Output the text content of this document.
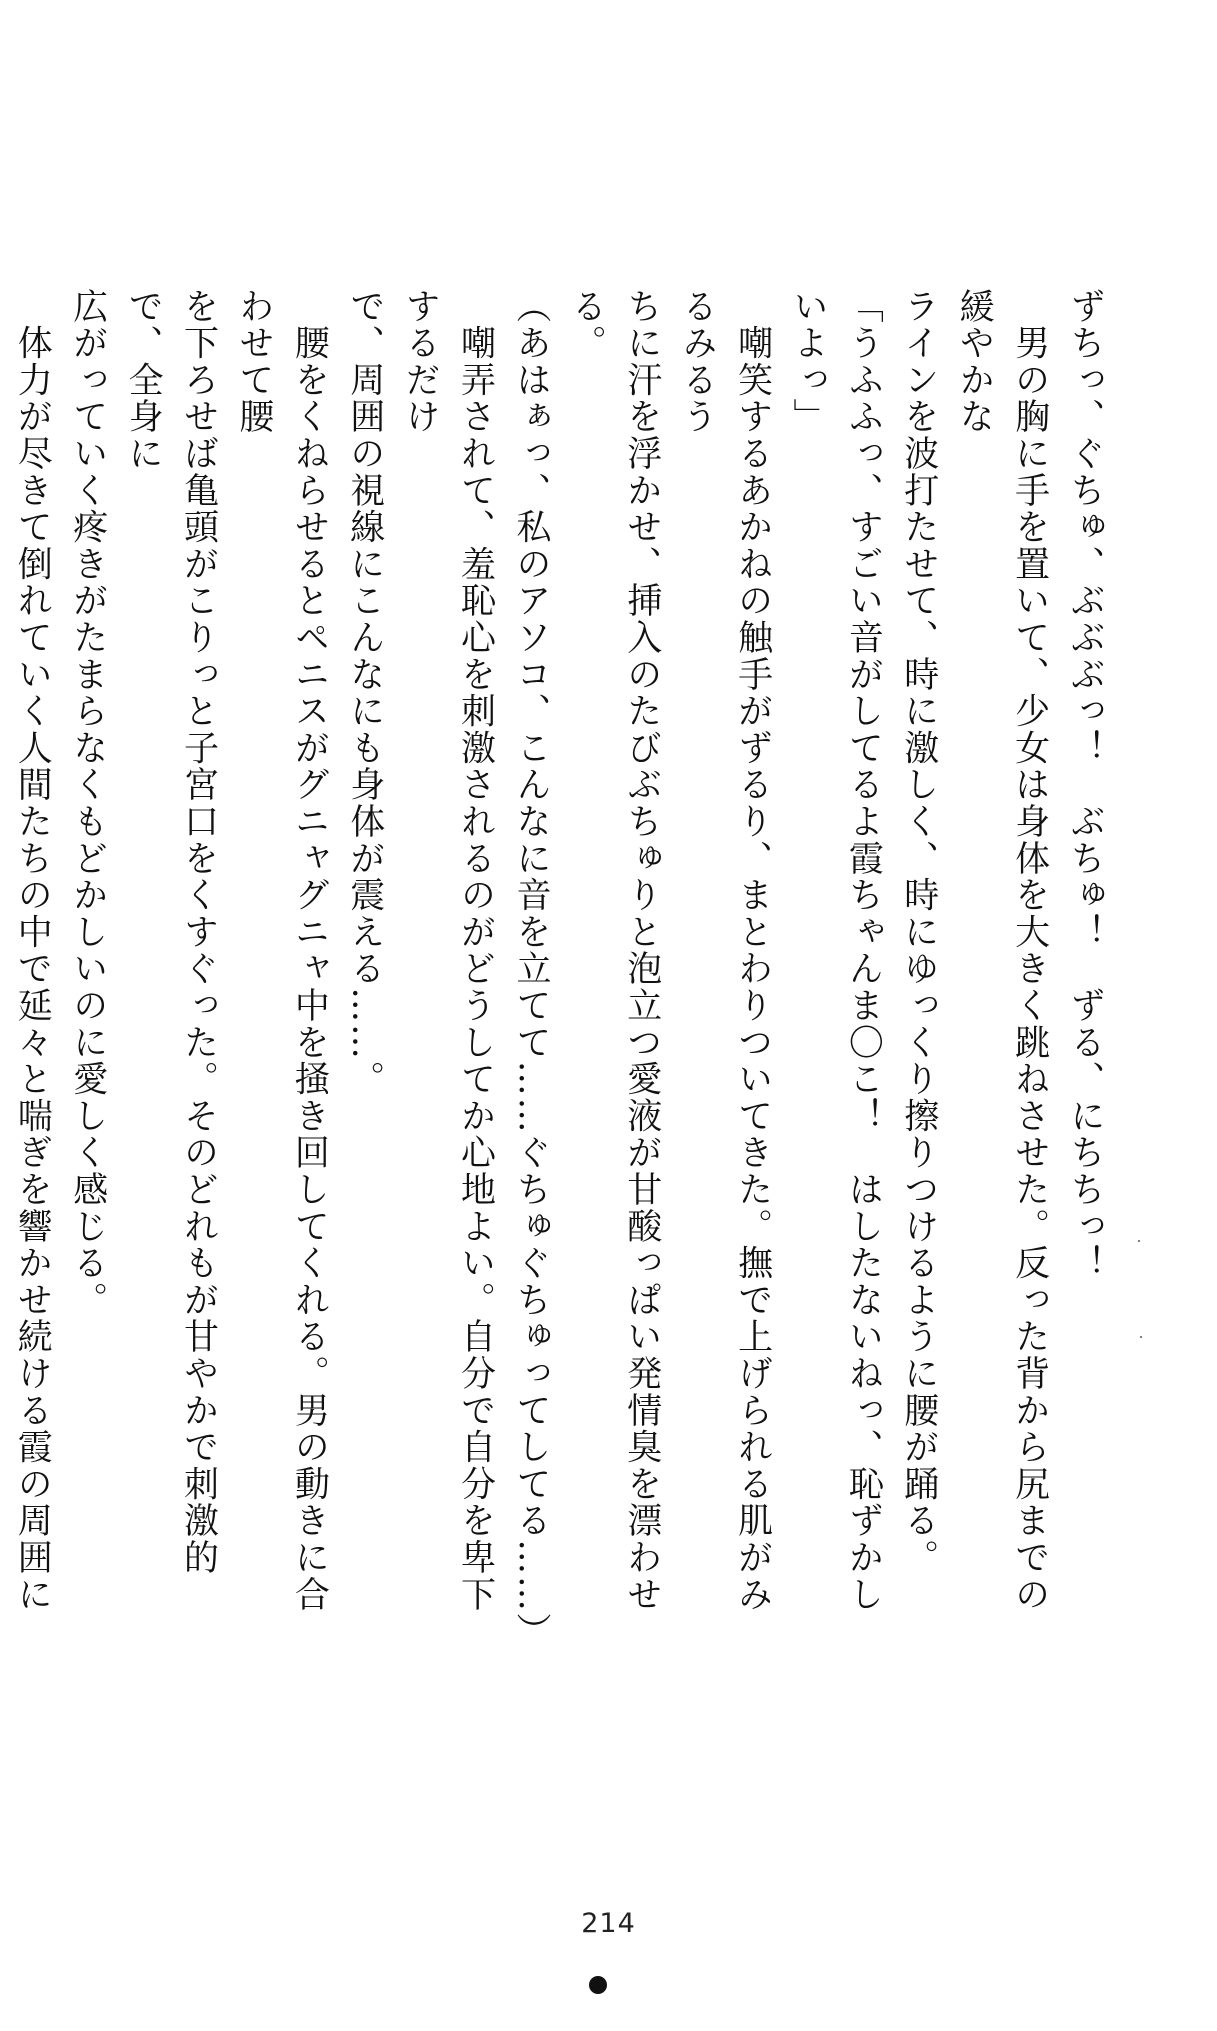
ずちっ、ぐちゅ、ぶぶぶっ！　ぶちゅ！　ずる、にちちっ！
　男の胸に手を置いて、少女は身体を大きく跳ねさせた。反った背から尻までの緩やかな
ラインを波打たせて、時に激しく、時にゆっくり擦りつけるように腰が踊る。
「うふふっ、すごい音がしてるよ霞ちゃんま〇こ！　はしたないねっ、恥ずかしいよっ」
　嘲笑するあかねの触手がずるり、まとわりついてきた。撫で上げられる肌がみるみるう
ちに汗を浮かせ、挿入のたびぶちゅりと泡立つ愛液が甘酸っぱい発情臭を漂わせる。
（あはぁっ、私のアソコ、こんなに音を立てて……ぐちゅぐちゅってしてる……）
　嘲弄されて、羞恥心を刺激されるのがどうしてか心地よい。自分で自分を卑下するだけ
で、周囲の視線にこんなにも身体が震える……。
　腰をくねらせるとペニスがグニャグニャ中を掻き回してくれる。男の動きに合わせて腰
を下ろせば亀頭がこりっと子宮口をくすぐった。そのどれもが甘やかで刺激的で、全身に
広がっていく疼きがたまらなくもどかしいのに愛しく感じる。
　体力が尽きて倒れていく人間たちの中で延々と喘ぎを響かせ続ける霞の周囲に
214
